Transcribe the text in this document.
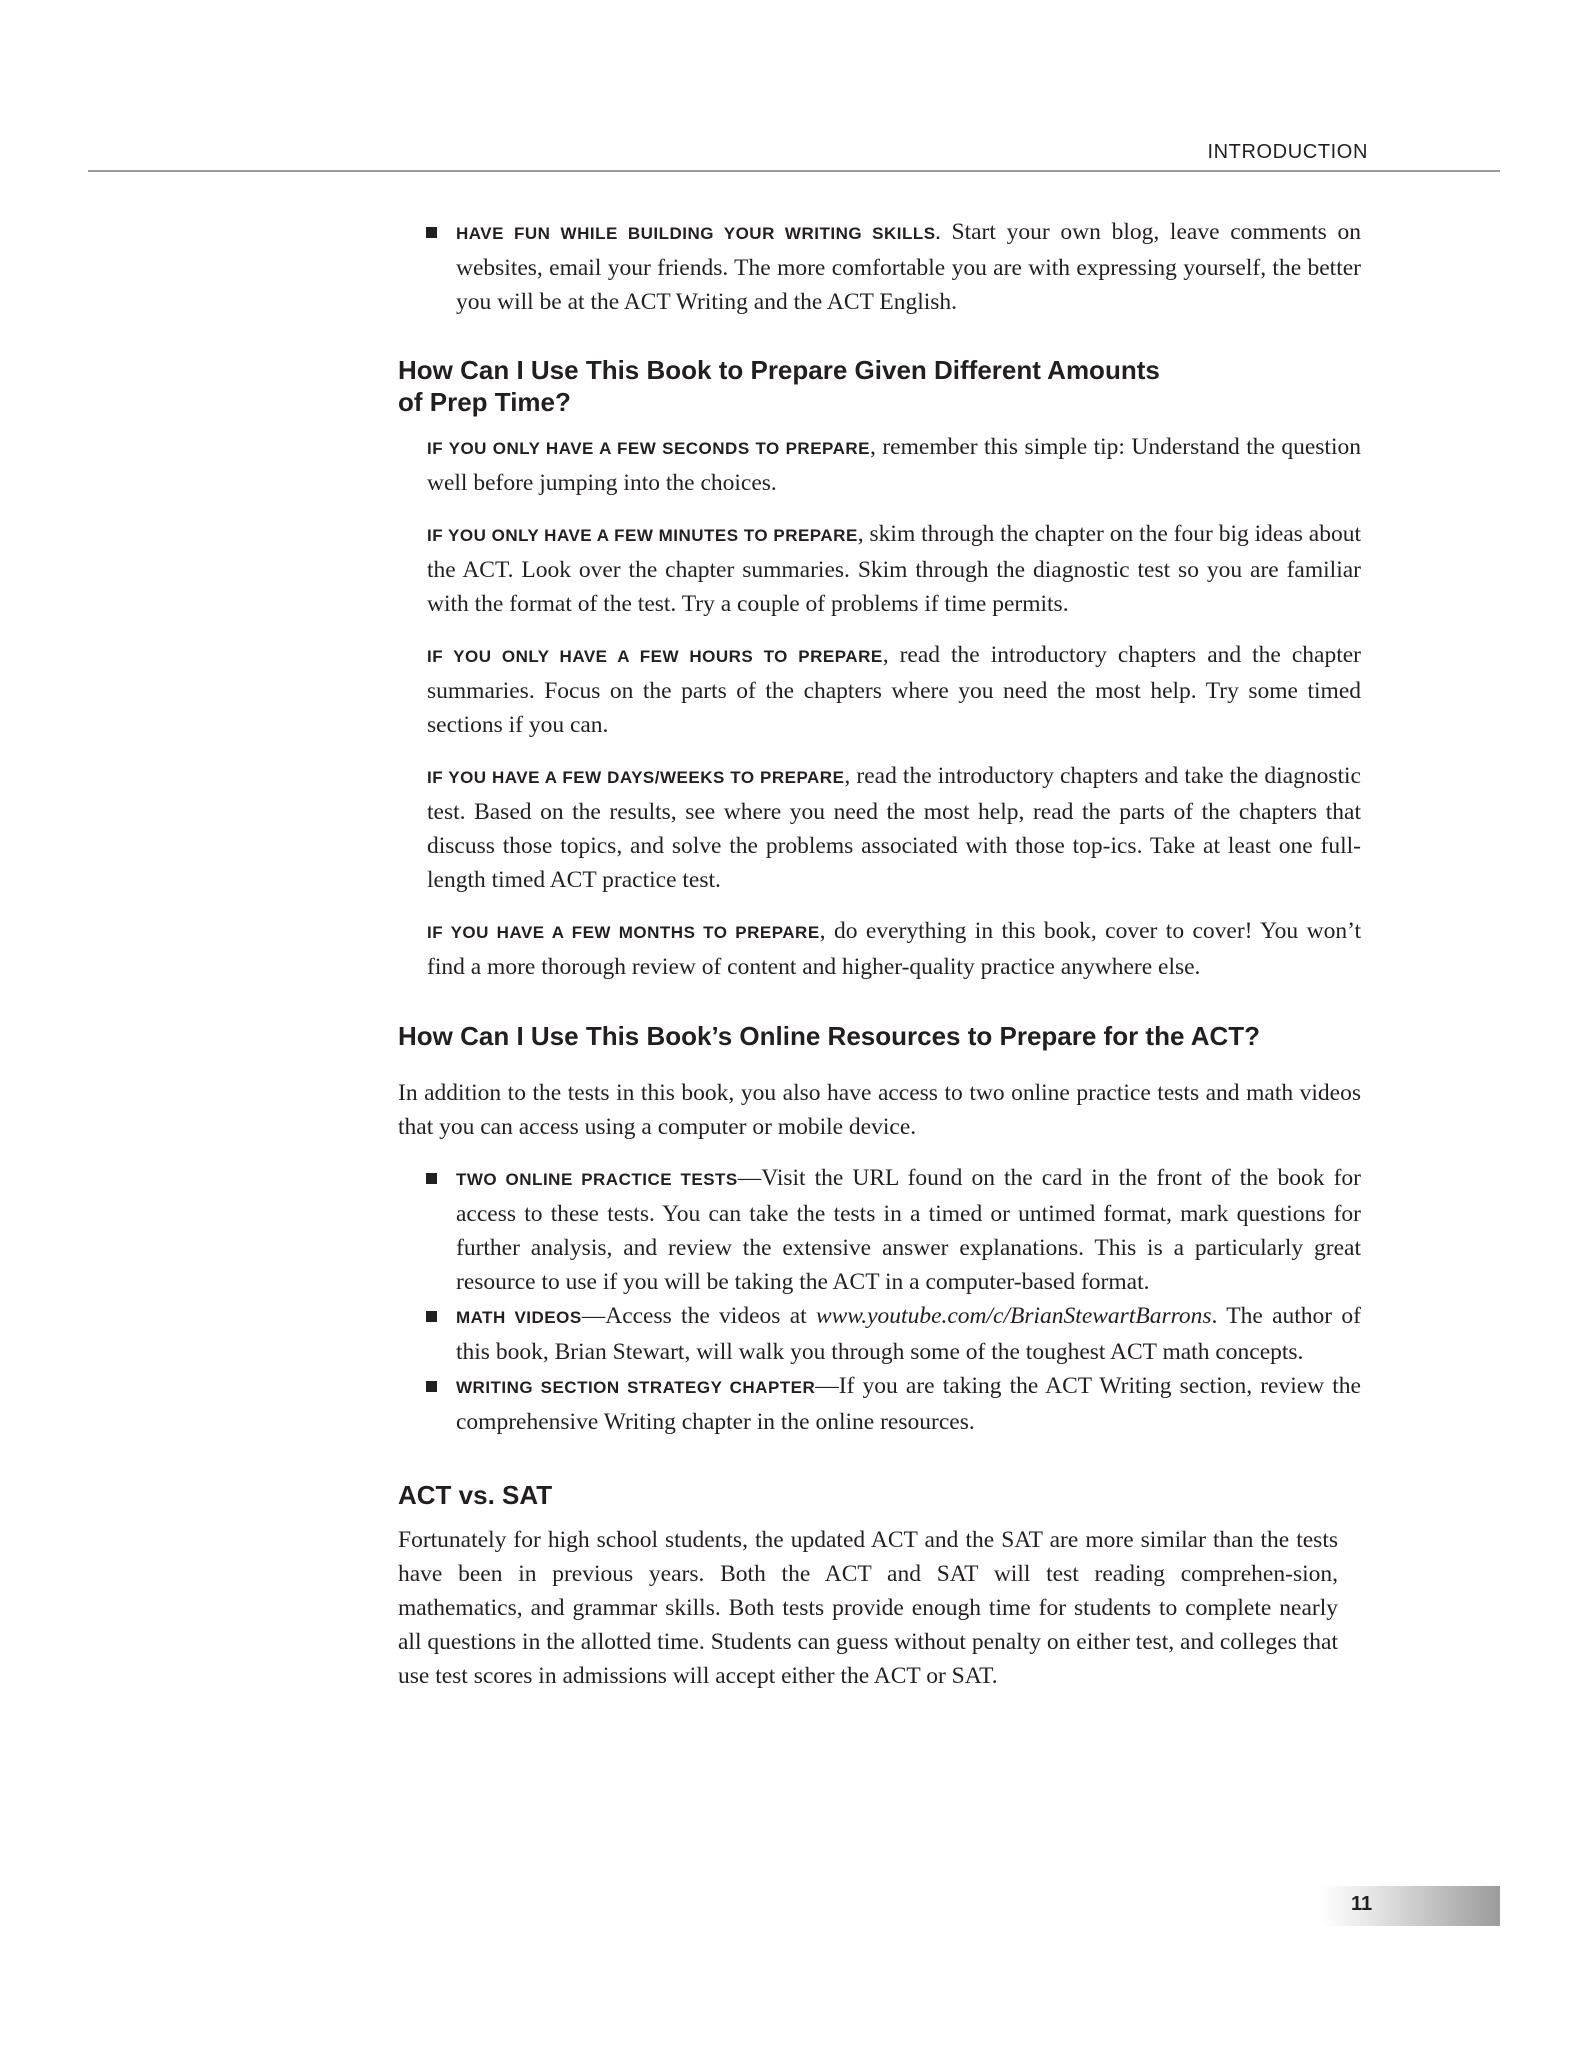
INTRODUCTION
HAVE FUN WHILE BUILDING YOUR WRITING SKILLS. Start your own blog, leave comments on websites, email your friends. The more comfortable you are with expressing yourself, the better you will be at the ACT Writing and the ACT English.
How Can I Use This Book to Prepare Given Different Amounts
of Prep Time?

IF YOU ONLY HAVE A FEW SECONDS TO PREPARE, remember this simple tip: Understand the question well before jumping into the choices.

IF YOU ONLY HAVE A FEW MINUTES TO PREPARE, skim through the chapter on the four big ideas about the ACT. Look over the chapter summaries. Skim through the diagnostic test so you are familiar with the format of the test. Try a couple of problems if time permits.

IF YOU ONLY HAVE A FEW HOURS TO PREPARE, read the introductory chapters and the chapter summaries. Focus on the parts of the chapters where you need the most help. Try some timed sections if you can.

IF YOU HAVE A FEW DAYS/WEEKS TO PREPARE, read the introductory chapters and take the diagnostic test. Based on the results, see where you need the most help, read the parts of the chapters that discuss those topics, and solve the problems associated with those top-ics. Take at least one full-length timed ACT practice test.

IF YOU HAVE A FEW MONTHS TO PREPARE, do everything in this book, cover to cover! You won’t find a more thorough review of content and higher-quality practice anywhere else.

How Can I Use This Book’s Online Resources to Prepare for the ACT?

In addition to the tests in this book, you also have access to two online practice tests and math videos that you can access using a computer or mobile device.

TWO ONLINE PRACTICE TESTS—Visit the URL found on the card in the front of the book for access to these tests. You can take the tests in a timed or untimed format, mark questions for further analysis, and review the extensive answer explanations. This is a particularly great resource to use if you will be taking the ACT in a computer-based format.
MATH VIDEOS—Access the videos at www.youtube.com/c/BrianStewartBarrons. The author of this book, Brian Stewart, will walk you through some of the toughest ACT math concepts.
WRITING SECTION STRATEGY CHAPTER—If you are taking the ACT Writing section, review the comprehensive Writing chapter in the online resources.
ACT vs. SAT

Fortunately for high school students, the updated ACT and the SAT are more similar than the tests have been in previous years. Both the ACT and SAT will test reading comprehen-sion, mathematics, and grammar skills. Both tests provide enough time for students to complete nearly all questions in the allotted time. Students can guess without penalty on either test, and colleges that use test scores in admissions will accept either the ACT or SAT.

11
